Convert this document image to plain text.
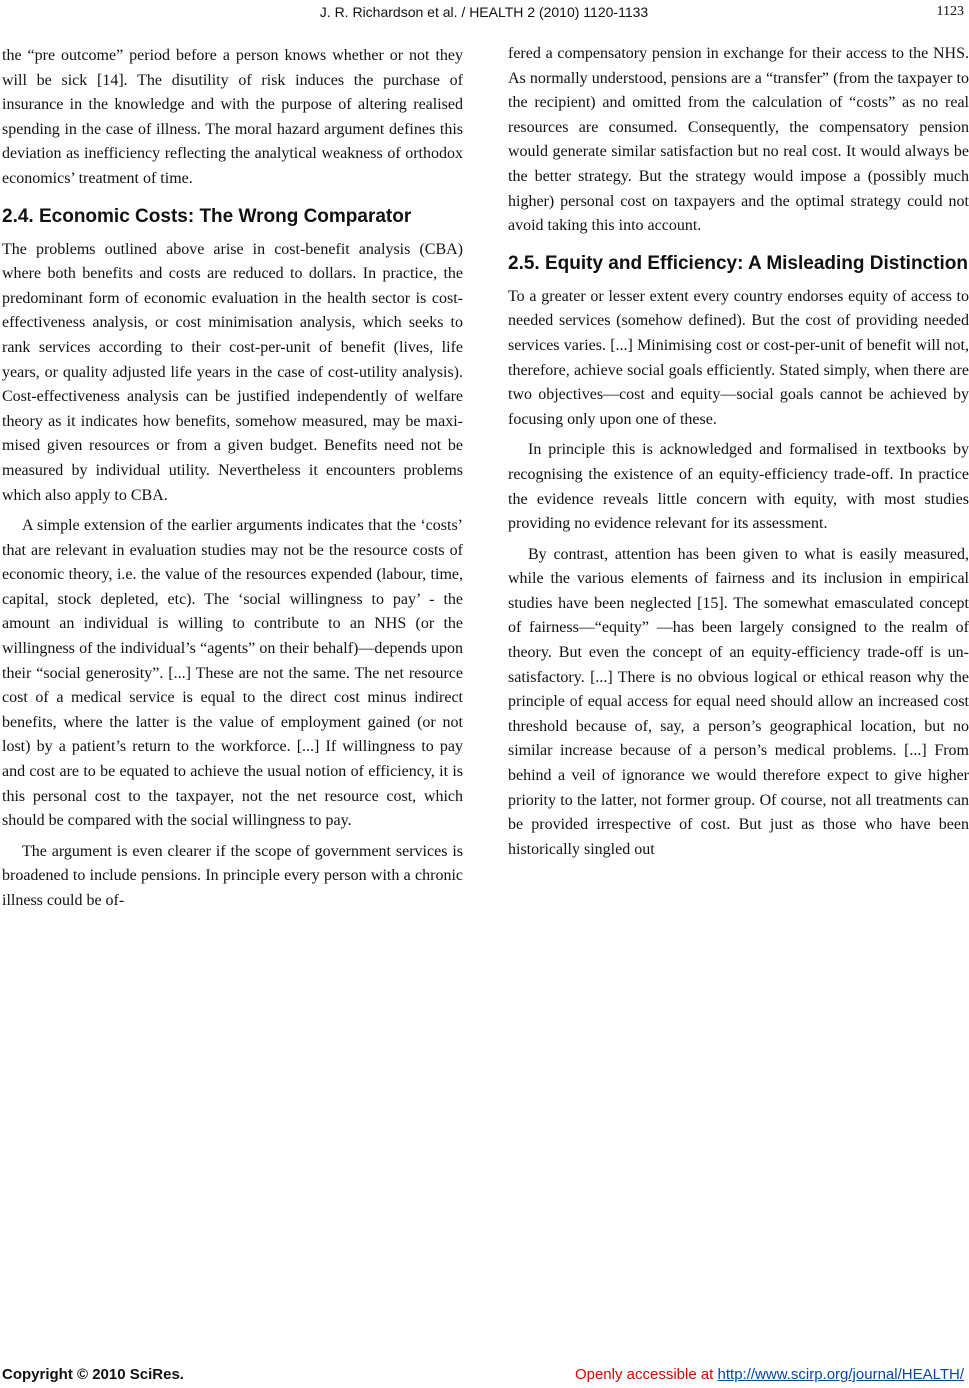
J. R. Richardson et al. / HEALTH 2 (2010) 1120-1133	1123

the “pre outcome” period before a person knows whether or not they will be sick [14]. The disutility of risk induces the purchase of insurance in the knowledge and with the purpose of altering realised spending in the case of illness. The moral hazard argument defines this deviation as inefficiency reflecting the analytical weakness of orthodox economics’ treatment of time.

2.4. Economic Costs: The Wrong Comparator

The problems outlined above arise in cost-benefit analysis (CBA) where both benefits and costs are reduced to dollars. In practice, the predominant form of economic evaluation in the health sector is cost-effectiveness analysis, or cost minimisation analysis, which seeks to rank services according to their cost-per-unit of benefit (lives, life years, or quality adjusted life years in the case of cost-utility analysis). Cost-effectiveness analysis can be justified independently of welfare theory as it indicates how benefits, somehow measured, may be maximised given resources or from a given budget. Benefits need not be measured by individual utility. Nevertheless it encounters problems which also apply to CBA.

A simple extension of the earlier arguments indicates that the ‘costs’ that are relevant in evaluation studies may not be the resource costs of economic theory, i.e. the value of the resources expended (labour, time, capital, stock depleted, etc). The ‘social willingness to pay’ - the amount an individual is willing to contribute to an NHS (or the willingness of the individual’s “agents” on their behalf)—depends upon their “social generosity”. [...] These are not the same. The net resource cost of a medical service is equal to the direct cost minus indirect benefits, where the latter is the value of employment gained (or not lost) by a patient’s return to the workforce. [...] If willingness to pay and cost are to be equated to achieve the usual notion of efficiency, it is this personal cost to the taxpayer, not the net resource cost, which should be compared with the social willingness to pay.

The argument is even clearer if the scope of government services is broadened to include pensions. In principle every person with a chronic illness could be of-

fered a compensatory pension in exchange for their access to the NHS. As normally understood, pensions are a “transfer” (from the taxpayer to the recipient) and omitted from the calculation of “costs” as no real resources are consumed. Consequently, the compensatory pension would generate similar satisfaction but no real cost. It would always be the better strategy. But the strategy would impose a (possibly much higher) personal cost on taxpayers and the optimal strategy could not avoid taking this into account.

2.5. Equity and Efficiency: A Misleading Distinction

To a greater or lesser extent every country endorses equity of access to needed services (somehow defined). But the cost of providing needed services varies. [...] Minimising cost or cost-per-unit of benefit will not, therefore, achieve social goals efficiently. Stated simply, when there are two objectives—cost and equity—social goals cannot be achieved by focusing only upon one of these.

In principle this is acknowledged and formalised in textbooks by recognising the existence of an equity-efficiency trade-off. In practice the evidence reveals little concern with equity, with most studies providing no evidence relevant for its assessment.

By contrast, attention has been given to what is easily measured, while the various elements of fairness and its inclusion in empirical studies have been neglected [15]. The somewhat emasculated concept of fairness—“equity” —has been largely consigned to the realm of theory. But even the concept of an equity-efficiency trade-off is unsatisfactory. [...] There is no obvious logical or ethical reason why the principle of equal access for equal need should allow an increased cost threshold because of, say, a person’s geographical location, but no similar increase because of a person’s medical problems. [...] From behind a veil of ignorance we would therefore expect to give higher priority to the latter, not former group. Of course, not all treatments can be provided irrespective of cost. But just as those who have been historically singled out

Copyright © 2010 SciRes.	Openly accessible at http://www.scirp.org/journal/HEALTH/
